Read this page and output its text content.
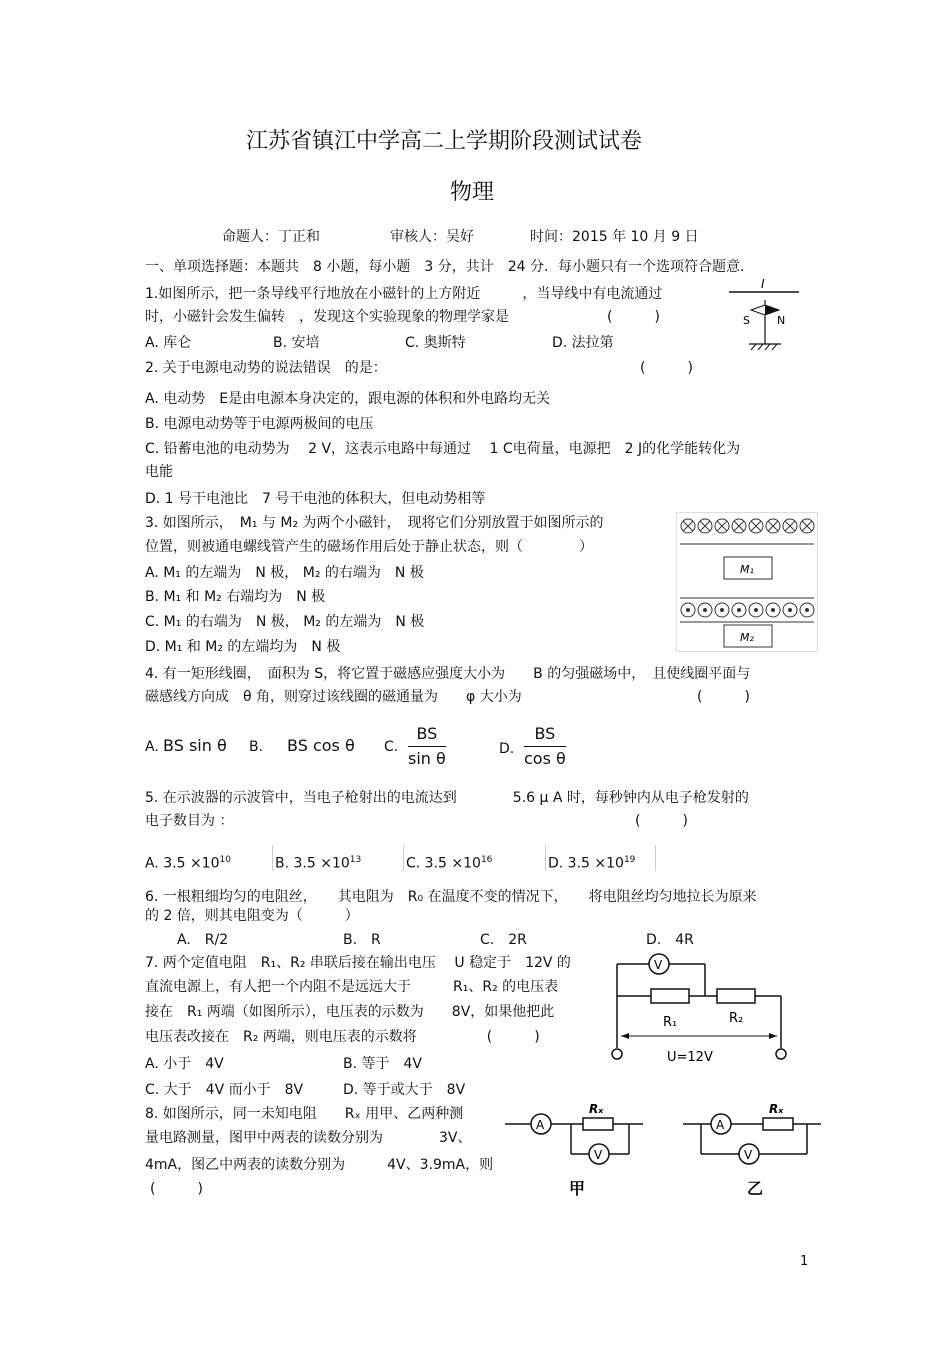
江苏省镇江中学高二上学期阶段测试试卷
物理
命题人：丁正和　　　　　审核人：吴好　　　　时间：2015 年 10 月 9 日
一、单项选择题：本题共　8 小题，每小题　3 分，共计　24 分．每小题只有一个选项符合题意．
1.如图所示，把一条导线平行地放在小磁针的上方附近　　　，当导线中有电流通过
时，小磁针会发生偏转　，发现这个实验现象的物理学家是　　　　　　　(　　　)
A. 库仑	B. 安培	C. 奥斯特	D. 法拉第
I
S N
2. 关于电源电动势的说法错误　的是：	(　　　)
A. 电动势　E是由电源本身决定的，跟电源的体积和外电路均无关
B. 电源电动势等于电源两极间的电压
C. 铅蓄电池的电动势为　 2 V，这表示电路中每通过　 1 C电荷量，电源把　2 J的化学能转化为
电能
D. 1 号干电池比　7 号干电池的体积大，但电动势相等
3. 如图所示，　M₁ 与 M₂ 为两个小磁针，　现将它们分别放置于如图所示的
位置，则被通电螺线管产生的磁场作用后处于静止状态，则（　　　　）
A. M₁ 的左端为　N 极， M₂ 的右端为　N 极
B. M₁ 和 M₂ 右端均为　N 极
C. M₁ 的右端为　N 极， M₂ 的左端为　N 极
D. M₁ 和 M₂ 的左端均为　N 极
M₁
M₂
4. 有一矩形线圈，　面积为 S，将它置于磁感应强度大小为　　B 的匀强磁场中，　且使线圈平面与
磁感线方向成　θ 角，则穿过该线圈的磁通量为　　φ 大小为	(　　　)
A. BS sin θ B. BS cos θ C. $\frac{BS}{\text{sin θ}}$	D. $\frac{BS}{\text{cos θ}}$
5. 在示波器的示波管中，当电子枪射出的电流达到　　　　5.6 μ A 时，每秒钟内从电子枪发射的
电子数目为 ：	(　　　)
A. $3.5 \times 10^{10}$	B. $3.5 \times 10^{13}$	C. $3.5 \times 10^{16}$	D. $3.5 \times 10^{19}$
6. 一根粗细均匀的电阻丝，　　其电阻为　R₀ 在温度不变的情况下，　　将电阻丝均匀地拉长为原来
的 2 倍，则其电阻变为（　　　）
A.　R/2	B.　R	C.　2R	D.　4R
7. 两个定值电阻　R₁、R₂ 串联后接在输出电压　 U 稳定于　12V 的
直流电源上，有人把一个内阻不是远远大于　　　R₁、R₂ 的电压表
接在　R₁ 两端（如图所示），电压表的示数为　　8V，如果他把此
电压表改接在　R₂ 两端，则电压表的示数将　　　　　(　　　)
A. 小于　4V	B. 等于　4V
C. 大于　4V 而小于　8V	D. 等于或大于　8V
V
R₁	R₂
U=12V
8. 如图所示，同一未知电阻　　Rₓ 用甲、乙两种测
量电路测量，图甲中两表的读数分别为　　　　3V、
4mA，图乙中两表的读数分别为　　　4V、3.9mA，则
(　　　)
A
Rₓ
V
甲
A
Rₓ
V
乙
1
